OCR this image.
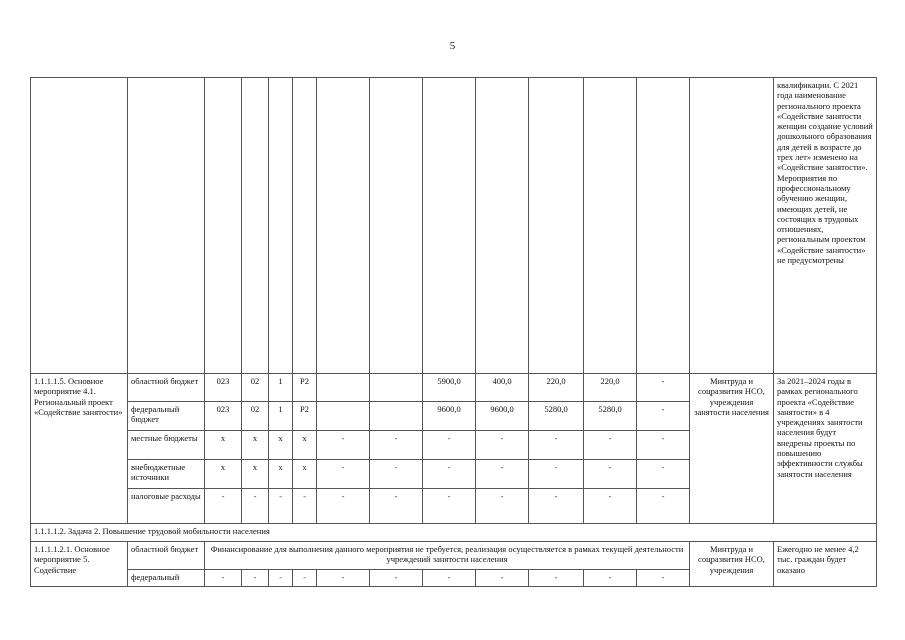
5
														квалификации. С 2021 года наименование регионального проекта «Содействие занятости женщин создание условий дошкольного образования для детей в возрасте до трех лет» изменено на «Содействие занятости». Мероприятия по профессиональному обучению женщин, имеющих детей, не состоящих в трудовых отношениях, региональным проектом «Содействие занятости» не предусмотрены
1.1.1.1.5. Основное мероприятие 4.1. Региональный проект «Содействие занятости»	областной бюджет	023	02	1	Р2			5900,0	400,0	220,0	220,0	-	Минтруда и соцразвития НСО, учреждения занятости населения	За 2021–2024 годы в рамках регионального проекта «Содействие занятости» в 4 учреждениях занятости населения будут внедрены проекты по повышению эффективности службы занятости населения
	федеральный бюджет	023	02	1	Р2			9600,0	9600,0	5280,0	5280,0	-		
	местные бюджеты	х	х	х	х	-	-	-	-	-	-	-		
	внебюджетные источники	х	х	х	х	-	-	-	-	-	-	-		
	налоговые расходы	-	-	-	-	-	-	-	-	-	-	-		
1.1.1.1.2. Задача 2. Повышение трудовой мобильности населения														
1.1.1.1.2.1. Основное мероприятие 5. Содействие	областной бюджет	Финансирование для выполнения данного мероприятия не требуется, реализация осуществляется в рамках текущей деятельности учреждений занятости населения											Минтруда и соцразвития НСО, учреждения	Ежегодно не менее 4,2 тыс. граждан будет оказано
	федеральный	-	-	-	-	-	-	-	-	-	-	-		
